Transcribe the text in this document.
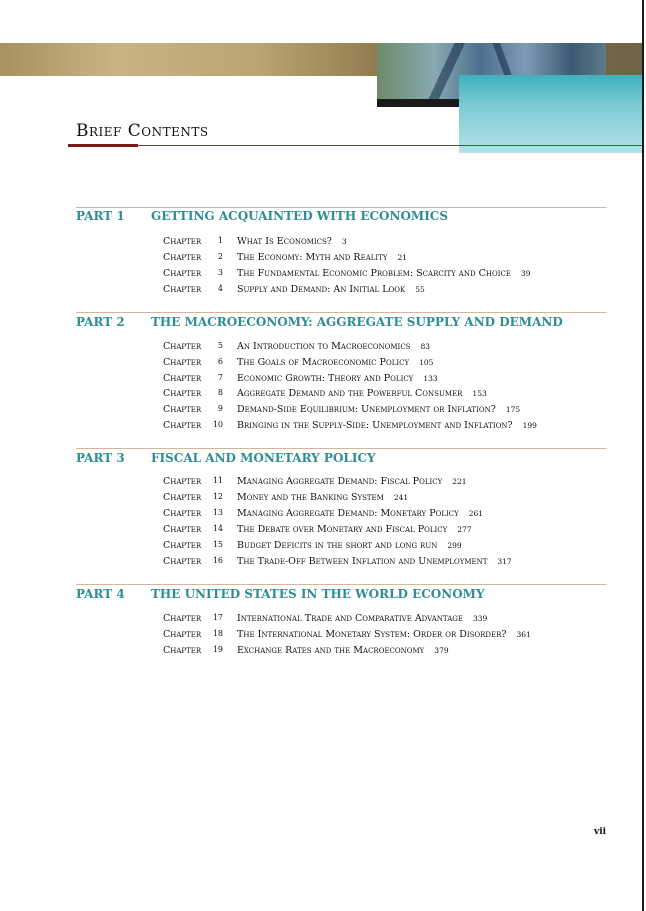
Brief Contents
PART 1 GETTING ACQUAINTED WITH ECONOMICS
Chapter	1 What Is Economics? 3
Chapter	2 The Economy: Myth and Reality 21
Chapter	3 The Fundamental Economic Problem: Scarcity and Choice 39
Chapter	4 Supply and Demand: An Initial Look 55
PART 2 THE MACROECONOMY: AGGREGATE SUPPLY AND DEMAND
Chapter	5 An Introduction to Macroeconomics 83
Chapter	6 The Goals of Macroeconomic Policy 105
Chapter	7 Economic Growth: Theory and Policy 133
Chapter	8 Aggregate Demand and the Powerful Consumer 153
Chapter	9 Demand-Side Equilibrium: Unemployment or Inflation? 175
Chapter	10 Bringing in the Supply-Side: Unemployment and Inflation? 199
PART 3 FISCAL AND MONETARY POLICY
Chapter	11 Managing Aggregate Demand: Fiscal Policy 221
Chapter	12 Money and the Banking System 241
Chapter	13 Managing Aggregate Demand: Monetary Policy 261
Chapter	14 The Debate over Monetary and Fiscal Policy 277
Chapter	15 Budget Deficits in the short and long run 299
Chapter	16 The Trade-Off Between Inflation and Unemployment 317
PART 4 THE UNITED STATES IN THE WORLD ECONOMY
Chapter	17 International Trade and Comparative Advantage 339
Chapter	18 The International Monetary System: Order or Disorder? 361
Chapter	19 Exchange Rates and the Macroeconomy 379
vii
